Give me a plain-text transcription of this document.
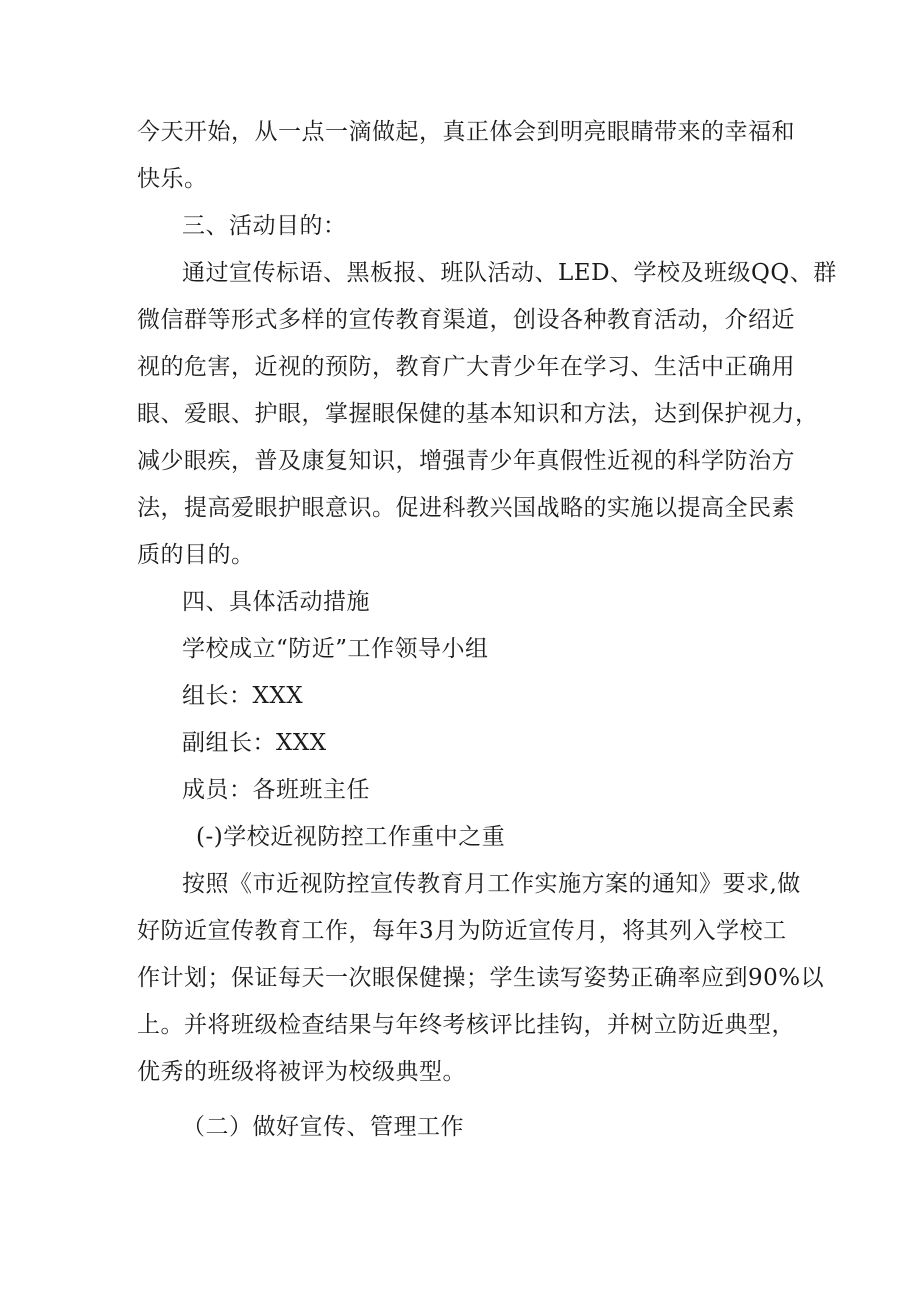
今天开始，从一点一滴做起，真正体会到明亮眼睛带来的幸福和
快乐。
三、活动目的：
通过宣传标语、黑板报、班队活动、LED、学校及班级QQ、群
微信群等形式多样的宣传教育渠道，创设各种教育活动，介绍近
视的危害，近视的预防，教育广大青少年在学习、生活中正确用
眼、爱眼、护眼，掌握眼保健的基本知识和方法，达到保护视力，
减少眼疾，普及康复知识，增强青少年真假性近视的科学防治方
法，提高爱眼护眼意识。促进科教兴国战略的实施以提高全民素
质的目的。
四、具体活动措施
学校成立“防近”工作领导小组
组长：XXX
副组长：XXX
成员：各班班主任
(-)学校近视防控工作重中之重
按照《市近视防控宣传教育月工作实施方案的通知》要求,做
好防近宣传教育工作，每年3月为防近宣传月，将其列入学校工
作计划；保证每天一次眼保健操；学生读写姿势正确率应到90%以
上。并将班级检查结果与年终考核评比挂钩，并树立防近典型，
优秀的班级将被评为校级典型。
（二）做好宣传、管理工作
